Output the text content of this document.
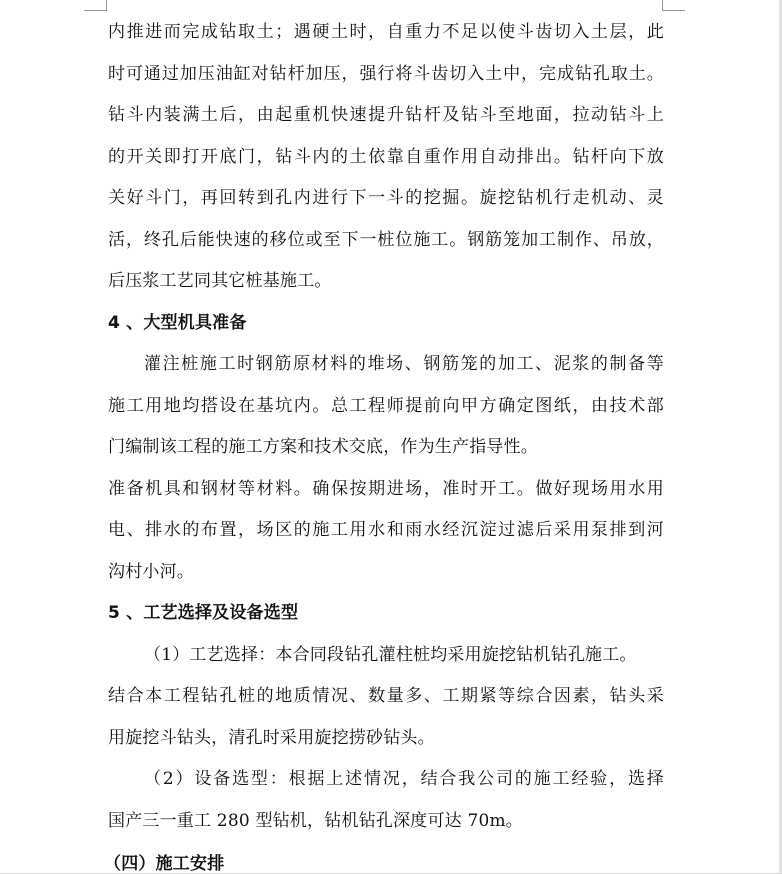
内推进而完成钻取土；遇硬土时，自重力不足以使斗齿切入土层，此
时可通过加压油缸对钻杆加压，强行将斗齿切入土中，完成钻孔取土。
钻斗内装满土后，由起重机快速提升钻杆及钻斗至地面，拉动钻斗上
的开关即打开底门，钻斗内的土依靠自重作用自动排出。钻杆向下放
关好斗门，再回转到孔内进行下一斗的挖掘。旋挖钻机行走机动、灵
活，终孔后能快速的移位或至下一桩位施工。钢筋笼加工制作、吊放，
后压浆工艺同其它桩基施工。
4 、大型机具准备
灌注桩施工时钢筋原材料的堆场、钢筋笼的加工、泥浆的制备等
施工用地均搭设在基坑内。总工程师提前向甲方确定图纸，由技术部
门编制该工程的施工方案和技术交底，作为生产指导性。
准备机具和钢材等材料。确保按期进场，准时开工。做好现场用水用
电、排水的布置，场区的施工用水和雨水经沉淀过滤后采用泵排到河
沟村小河。
5 、工艺选择及设备选型
（1）工艺选择：本合同段钻孔灌柱桩均采用旋挖钻机钻孔施工。
结合本工程钻孔桩的地质情况、数量多、工期紧等综合因素，钻头采
用旋挖斗钻头，清孔时采用旋挖捞砂钻头。
（2）设备选型：根据上述情况，结合我公司的施工经验，选择
国产三一重工 280 型钻机，钻机钻孔深度可达 70m。
（四）施工安排
